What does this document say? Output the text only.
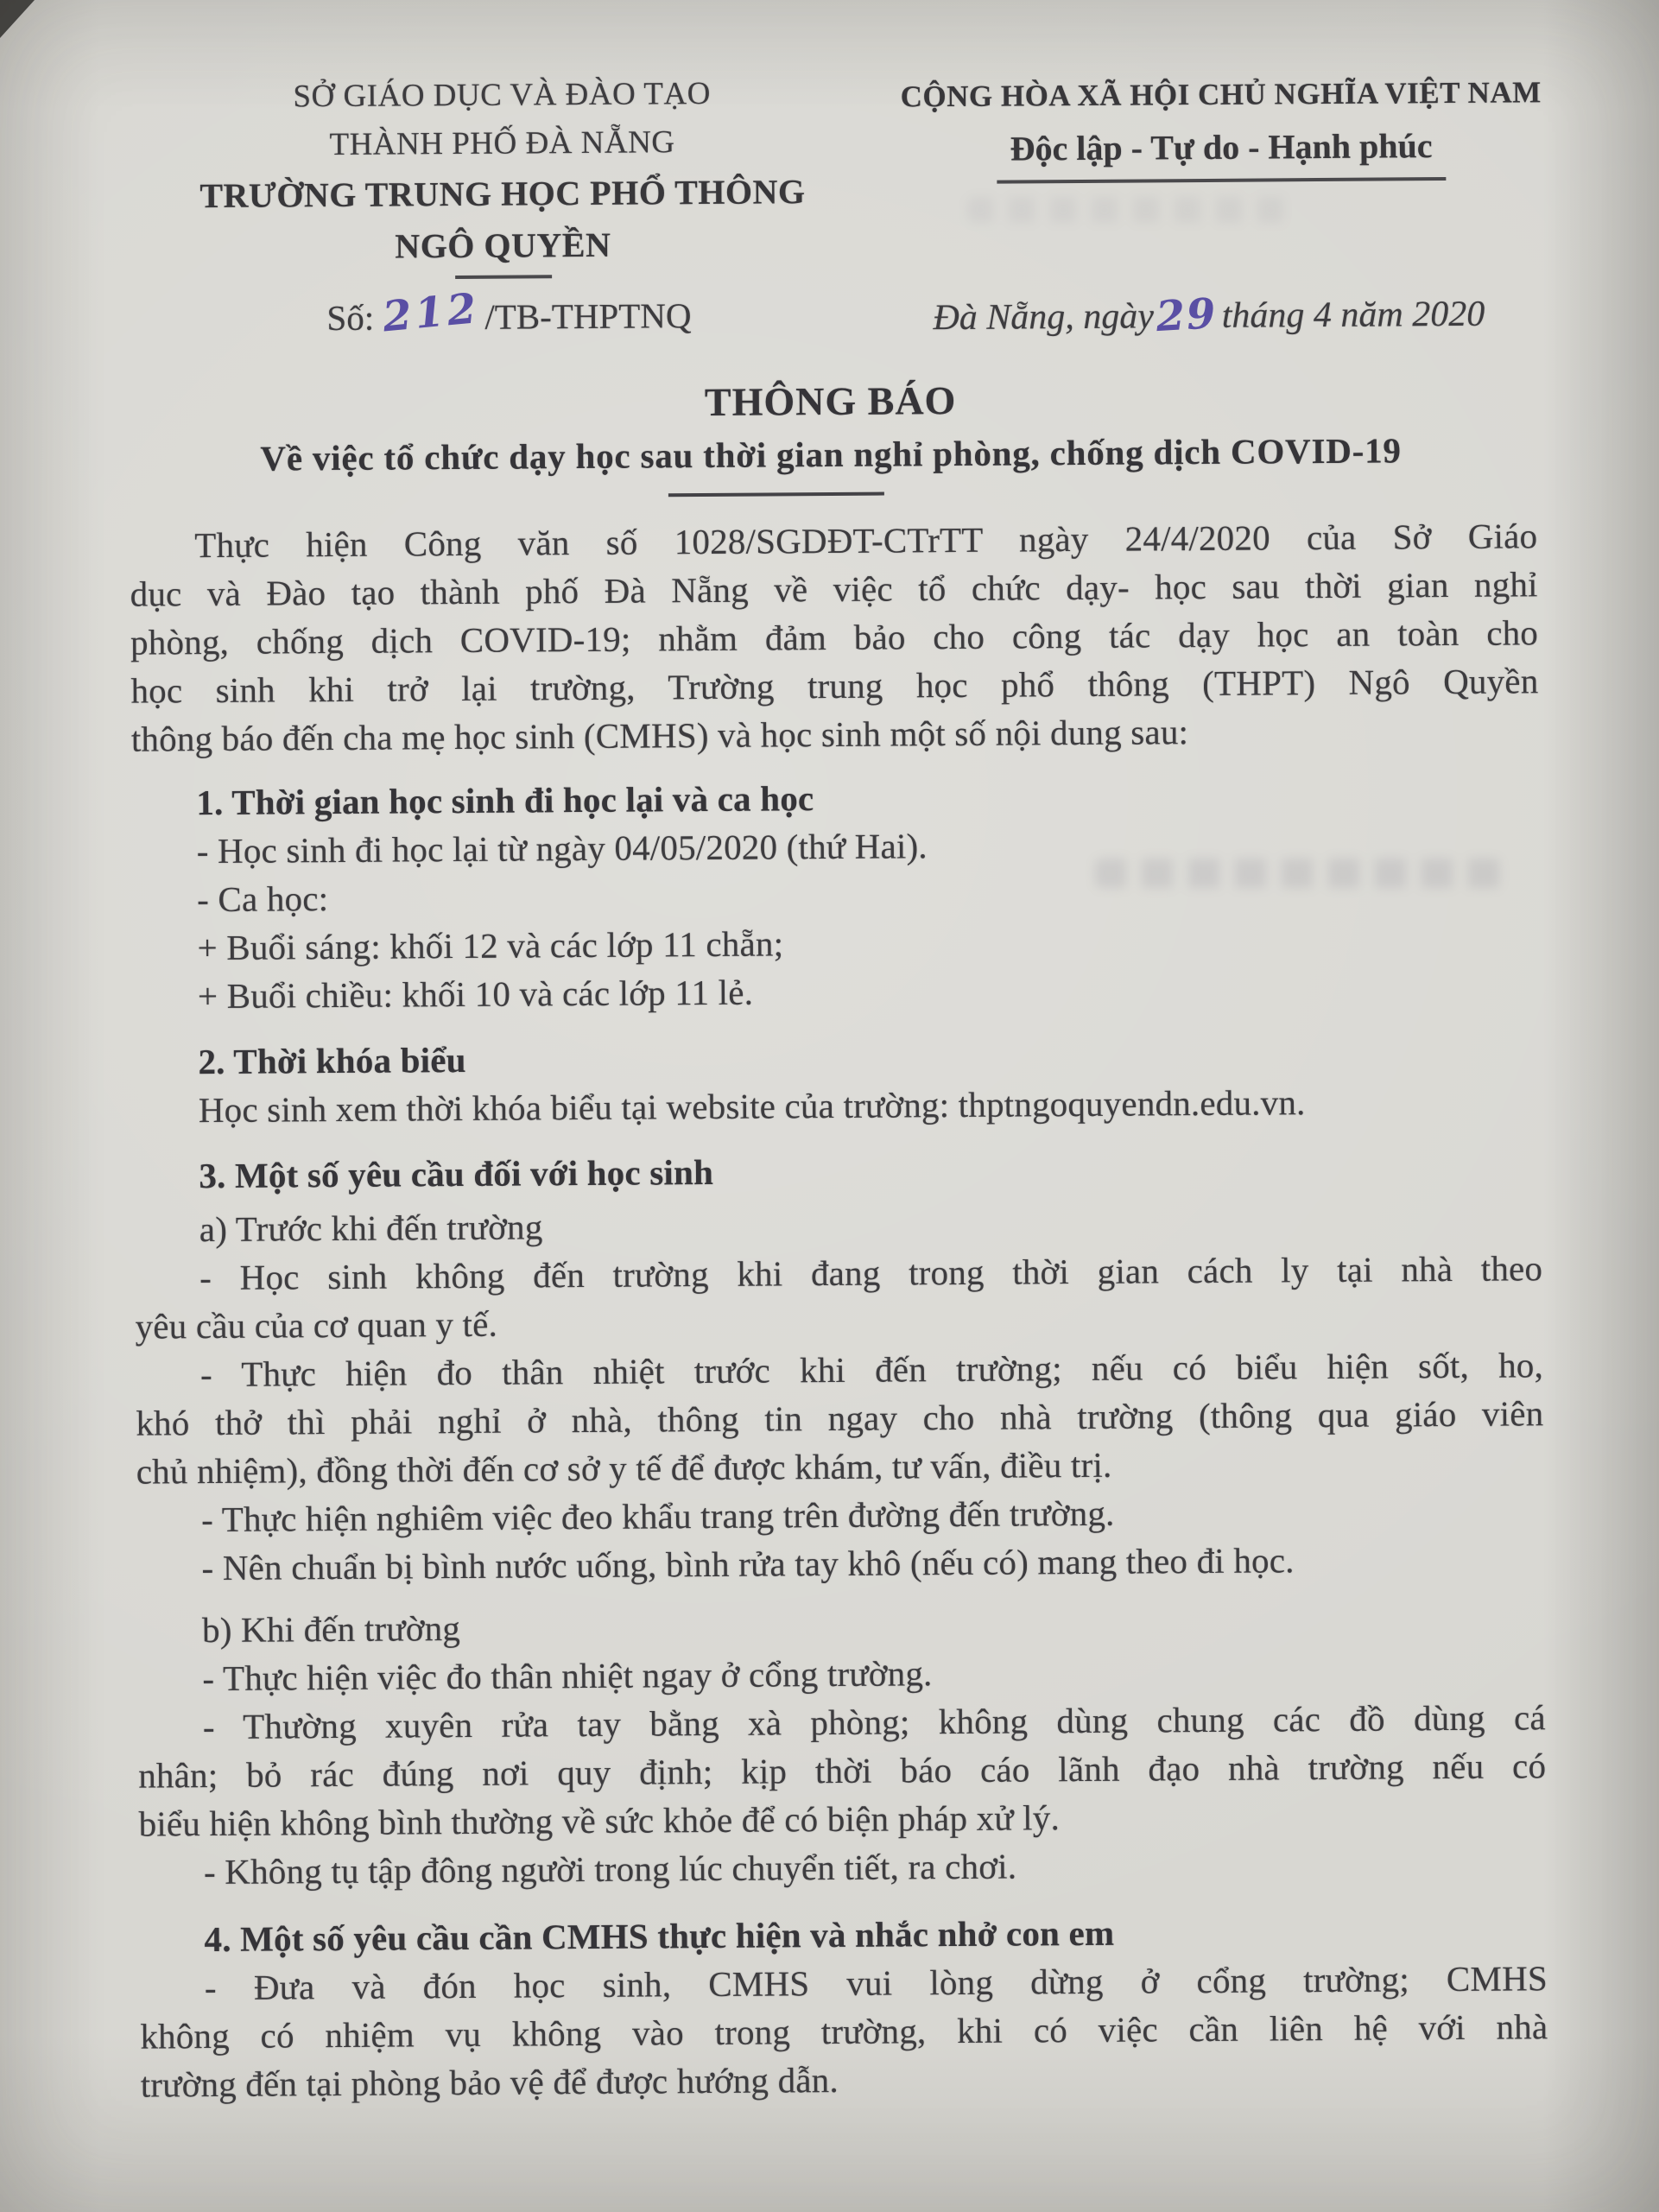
SỞ GIÁO DỤC VÀ ĐÀO TẠO
THÀNH PHỐ ĐÀ NẴNG
TRƯỜNG TRUNG HỌC PHỔ THÔNG
NGÔ QUYỀN
CỘNG HÒA XÃ HỘI CHỦ NGHĨA VIỆT NAM
Độc lập - Tự do - Hạnh phúc
Số: 212/TB-THPTNQ	Đà Nẵng, ngày29tháng 4 năm 2020
THÔNG BÁO
Về việc tổ chức dạy học sau thời gian nghỉ phòng, chống dịch COVID-19
Thực hiện Công văn số 1028/SGDĐT-CTrTT ngày 24/4/2020 của Sở Giáo
dục và Đào tạo thành phố Đà Nẵng về việc tổ chức dạy- học sau thời gian nghỉ
phòng, chống dịch COVID-19; nhằm đảm bảo cho công tác dạy học an toàn cho
học sinh khi trở lại trường, Trường trung học phổ thông (THPT) Ngô Quyền
thông báo đến cha mẹ học sinh (CMHS) và học sinh một số nội dung sau:
1. Thời gian học sinh đi học lại và ca học
- Học sinh đi học lại từ ngày 04/05/2020 (thứ Hai).
- Ca học:
+ Buổi sáng: khối 12 và các lớp 11 chẵn;
+ Buổi chiều: khối 10 và các lớp 11 lẻ.
2. Thời khóa biểu
Học sinh xem thời khóa biểu tại website của trường: thptngoquyendn.edu.vn.
3. Một số yêu cầu đối với học sinh
a) Trước khi đến trường
- Học sinh không đến trường khi đang trong thời gian cách ly tại nhà theo
yêu cầu của cơ quan y tế.
- Thực hiện đo thân nhiệt trước khi đến trường; nếu có biểu hiện sốt, ho,
khó thở thì phải nghỉ ở nhà, thông tin ngay cho nhà trường (thông qua giáo viên
chủ nhiệm), đồng thời đến cơ sở y tế để được khám, tư vấn, điều trị.
- Thực hiện nghiêm việc đeo khẩu trang trên đường đến trường.
- Nên chuẩn bị bình nước uống, bình rửa tay khô (nếu có) mang theo đi học.
b) Khi đến trường
- Thực hiện việc đo thân nhiệt ngay ở cổng trường.
- Thường xuyên rửa tay bằng xà phòng; không dùng chung các đồ dùng cá
nhân; bỏ rác đúng nơi quy định; kịp thời báo cáo lãnh đạo nhà trường nếu có
biểu hiện không bình thường về sức khỏe để có biện pháp xử lý.
- Không tụ tập đông người trong lúc chuyển tiết, ra chơi.
4. Một số yêu cầu cần CMHS thực hiện và nhắc nhở con em
- Đưa và đón học sinh, CMHS vui lòng dừng ở cổng trường; CMHS
không có nhiệm vụ không vào trong trường, khi có việc cần liên hệ với nhà
trường đến tại phòng bảo vệ để được hướng dẫn.
